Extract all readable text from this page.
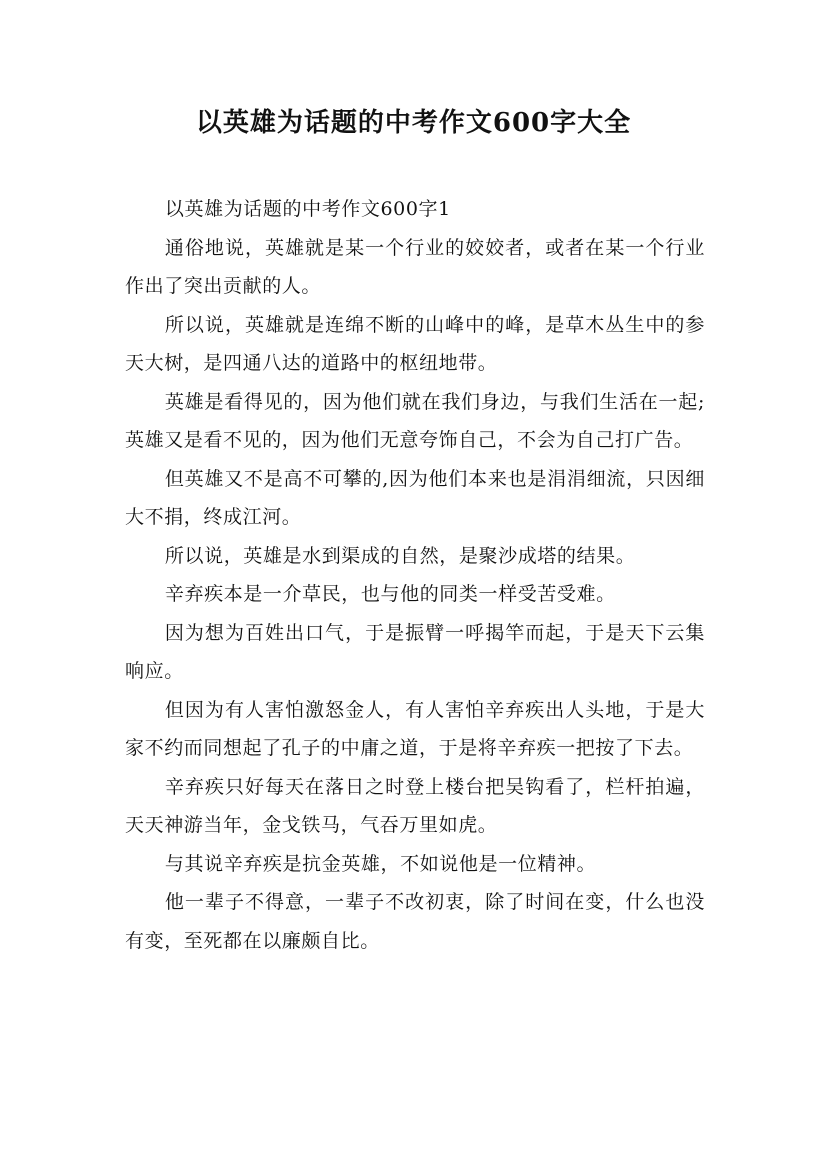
以英雄为话题的中考作文600字大全
以英雄为话题的中考作文600字1

通俗地说，英雄就是某一个行业的姣姣者，或者在某一个行业作出了突出贡献的人。

所以说，英雄就是连绵不断的山峰中的峰，是草木丛生中的参天大树，是四通八达的道路中的枢纽地带。

英雄是看得见的，因为他们就在我们身边，与我们生活在一起;英雄又是看不见的，因为他们无意夸饰自己，不会为自己打广告。

但英雄又不是高不可攀的,因为他们本来也是涓涓细流，只因细大不捐，终成江河。

所以说，英雄是水到渠成的自然，是聚沙成塔的结果。

辛弃疾本是一介草民，也与他的同类一样受苦受难。

因为想为百姓出口气，于是振臂一呼揭竿而起，于是天下云集响应。

但因为有人害怕激怒金人，有人害怕辛弃疾出人头地，于是大家不约而同想起了孔子的中庸之道，于是将辛弃疾一把按了下去。

辛弃疾只好每天在落日之时登上楼台把吴钩看了，栏杆拍遍，天天神游当年，金戈铁马，气吞万里如虎。

与其说辛弃疾是抗金英雄，不如说他是一位精神。

他一辈子不得意，一辈子不改初衷，除了时间在变，什么也没有变，至死都在以廉颇自比。
